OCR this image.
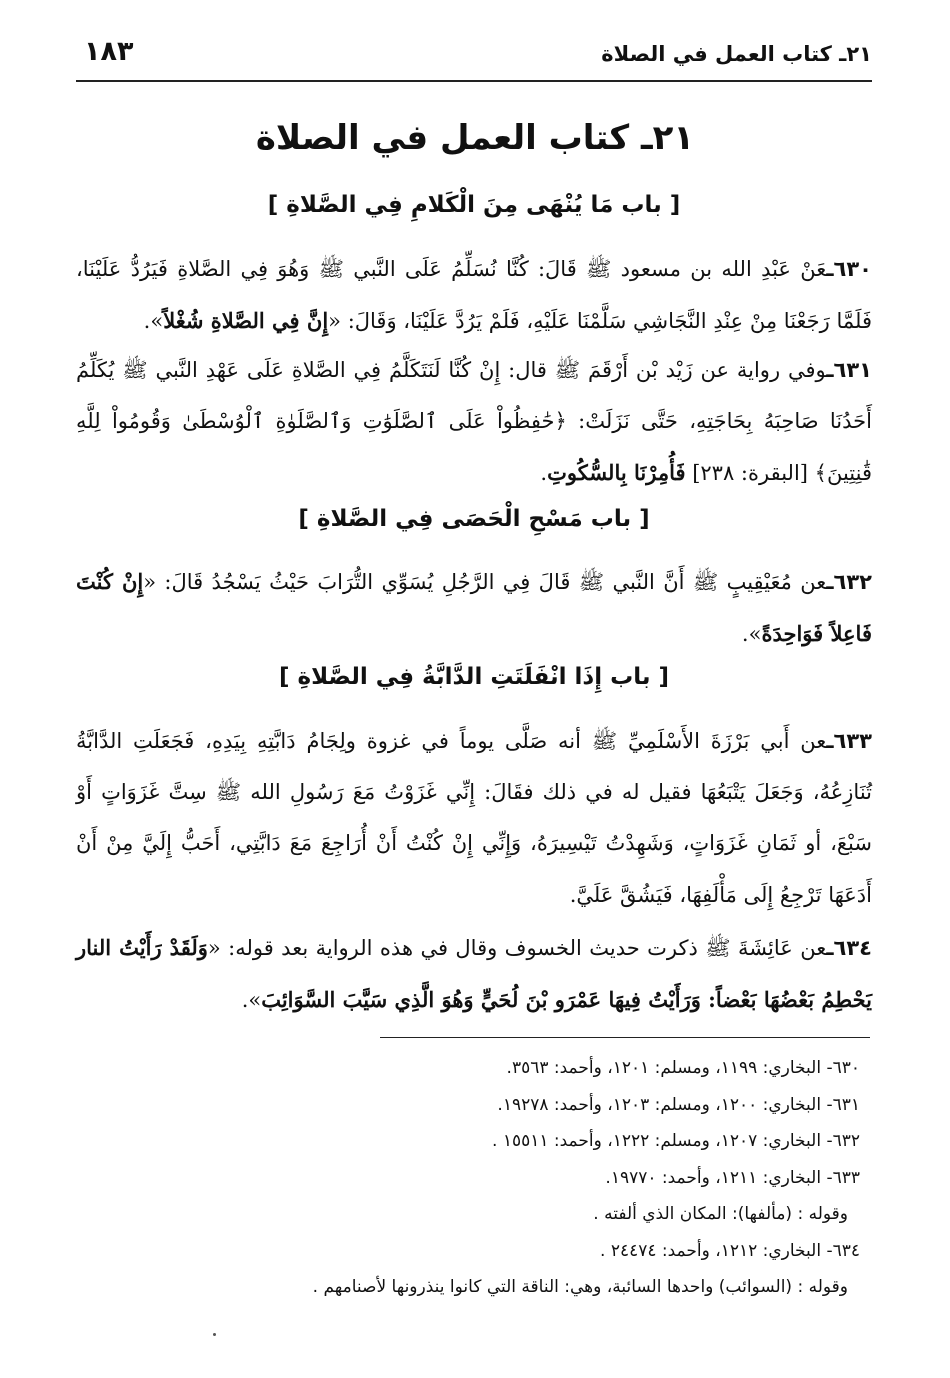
٢١ـ كتاب العمل في الصلاة
١٨٣
٢١ـ كتاب العمل في الصلاة
[ باب مَا يُنْهَى مِنَ الْكَلامِ فِي الصَّلاةِ ]
٦٣٠ـعَنْ عَبْدِ الله بن مسعود ﷺ قَالَ: كُنَّا نُسَلِّمُ عَلَى النَّبي ﷺ وَهُوَ فِي الصَّلاةِ فَيَرُدُّ عَلَيْنَا، فَلَمَّا رَجَعْنَا مِنْ عِنْدِ النَّجَاشِي سَلَّمْنَا عَلَيْهِ، فَلَمْ يَرُدَّ عَلَيْنَا، وَقَالَ: «إِنَّ فِي الصَّلاةِ شُغْلاً».
٦٣١ـوفي رواية عن زَيْد بْن أَرْقَمَ ﷺ قال: إِنْ كُنَّا لَنَتَكَلَّمُ فِي الصَّلاةِ عَلَى عَهْدِ النَّبي ﷺ يُكَلِّمُ أَحَدُنَا صَاحِبَهُ بِحَاجَتِهِ، حَتَّى نَزَلَتْ: ﴿حَٰفِظُواْ عَلَى ٱلصَّلَوَٰتِ وَٱلصَّلَوٰةِ ٱلْوُسْطَىٰ وَقُومُواْ لِلَّهِ قَٰنِتِينَ﴾ [البقرة: ٢٣٨] فَأُمِرْنَا بِالسُّكُوتِ.
[ باب مَسْحِ الْحَصَى فِي الصَّلاةِ ]
٦٣٢ـعن مُعَيْقِيبٍ ﷺ أَنَّ النَّبي ﷺ قَالَ فِي الرَّجُلِ يُسَوِّي التُّرَابَ حَيْثُ يَسْجُدُ قَالَ: «إِنْ كُنْتَ فَاعِلاً فَوَاحِدَةً».
[ باب إِذَا انْفَلَتَتِ الدَّابَّةُ فِي الصَّلاةِ ]
٦٣٣ـعن أَبي بَرْزَةَ الأَسْلَمِيِّ ﷺ أنه صَلَّى يوماً في غزوة ولِجَامُ دَابَّتِهِ بِيَدِهِ، فَجَعَلَتِ الدَّابَّةُ تُنَازِعُهُ، وَجَعَلَ يَتْبَعُهَا فقيل له في ذلك فقَالَ: إِنِّي غَزَوْتُ مَعَ رَسُولِ الله ﷺ سِتَّ غَزَوَاتٍ أَوْ سَبْعَ، أو ثَمَانِ غَزَوَاتٍ، وَشَهِدْتُ تَيْسِيرَهُ، وَإِنِّي إِنْ كُنْتُ أَنْ أُرَاجِعَ مَعَ دَابَّتِي، أَحَبُّ إِلَيَّ مِنْ أَنْ أَدَعَهَا تَرْجِعُ إِلَى مَأْلَفِهَا، فَيَشُقَّ عَلَيَّ.
٦٣٤ـعن عَائِشَةَ ﷺ ذكرت حديث الخسوف وقال في هذه الرواية بعد قوله: «وَلَقَدْ رَأَيْتُ النار يَحْطِمُ بَعْضُهَا بَعْضاً: وَرَأَيْتُ فِيهَا عَمْرَو بْنَ لُحَيٍّ وَهُوَ الَّذِي سَيَّبَ السَّوَائِبَ».
٦٣٠- البخاري: ١١٩٩، ومسلم: ١٢٠١، وأحمد: ٣٥٦٣.
٦٣١- البخاري: ١٢٠٠، ومسلم: ١٢٠٣، وأحمد: ١٩٢٧٨.
٦٣٢- البخاري: ١٢٠٧، ومسلم: ١٢٢٢، وأحمد: ١٥٥١١ .
٦٣٣- البخاري: ١٢١١، وأحمد: ١٩٧٧٠.
وقوله : (مألفها): المكان الذي ألفته .
٦٣٤- البخاري: ١٢١٢، وأحمد: ٢٤٤٧٤ .
وقوله : (السوائب) واحدها السائبة، وهي: الناقة التي كانوا ينذرونها لأصنامهم .
